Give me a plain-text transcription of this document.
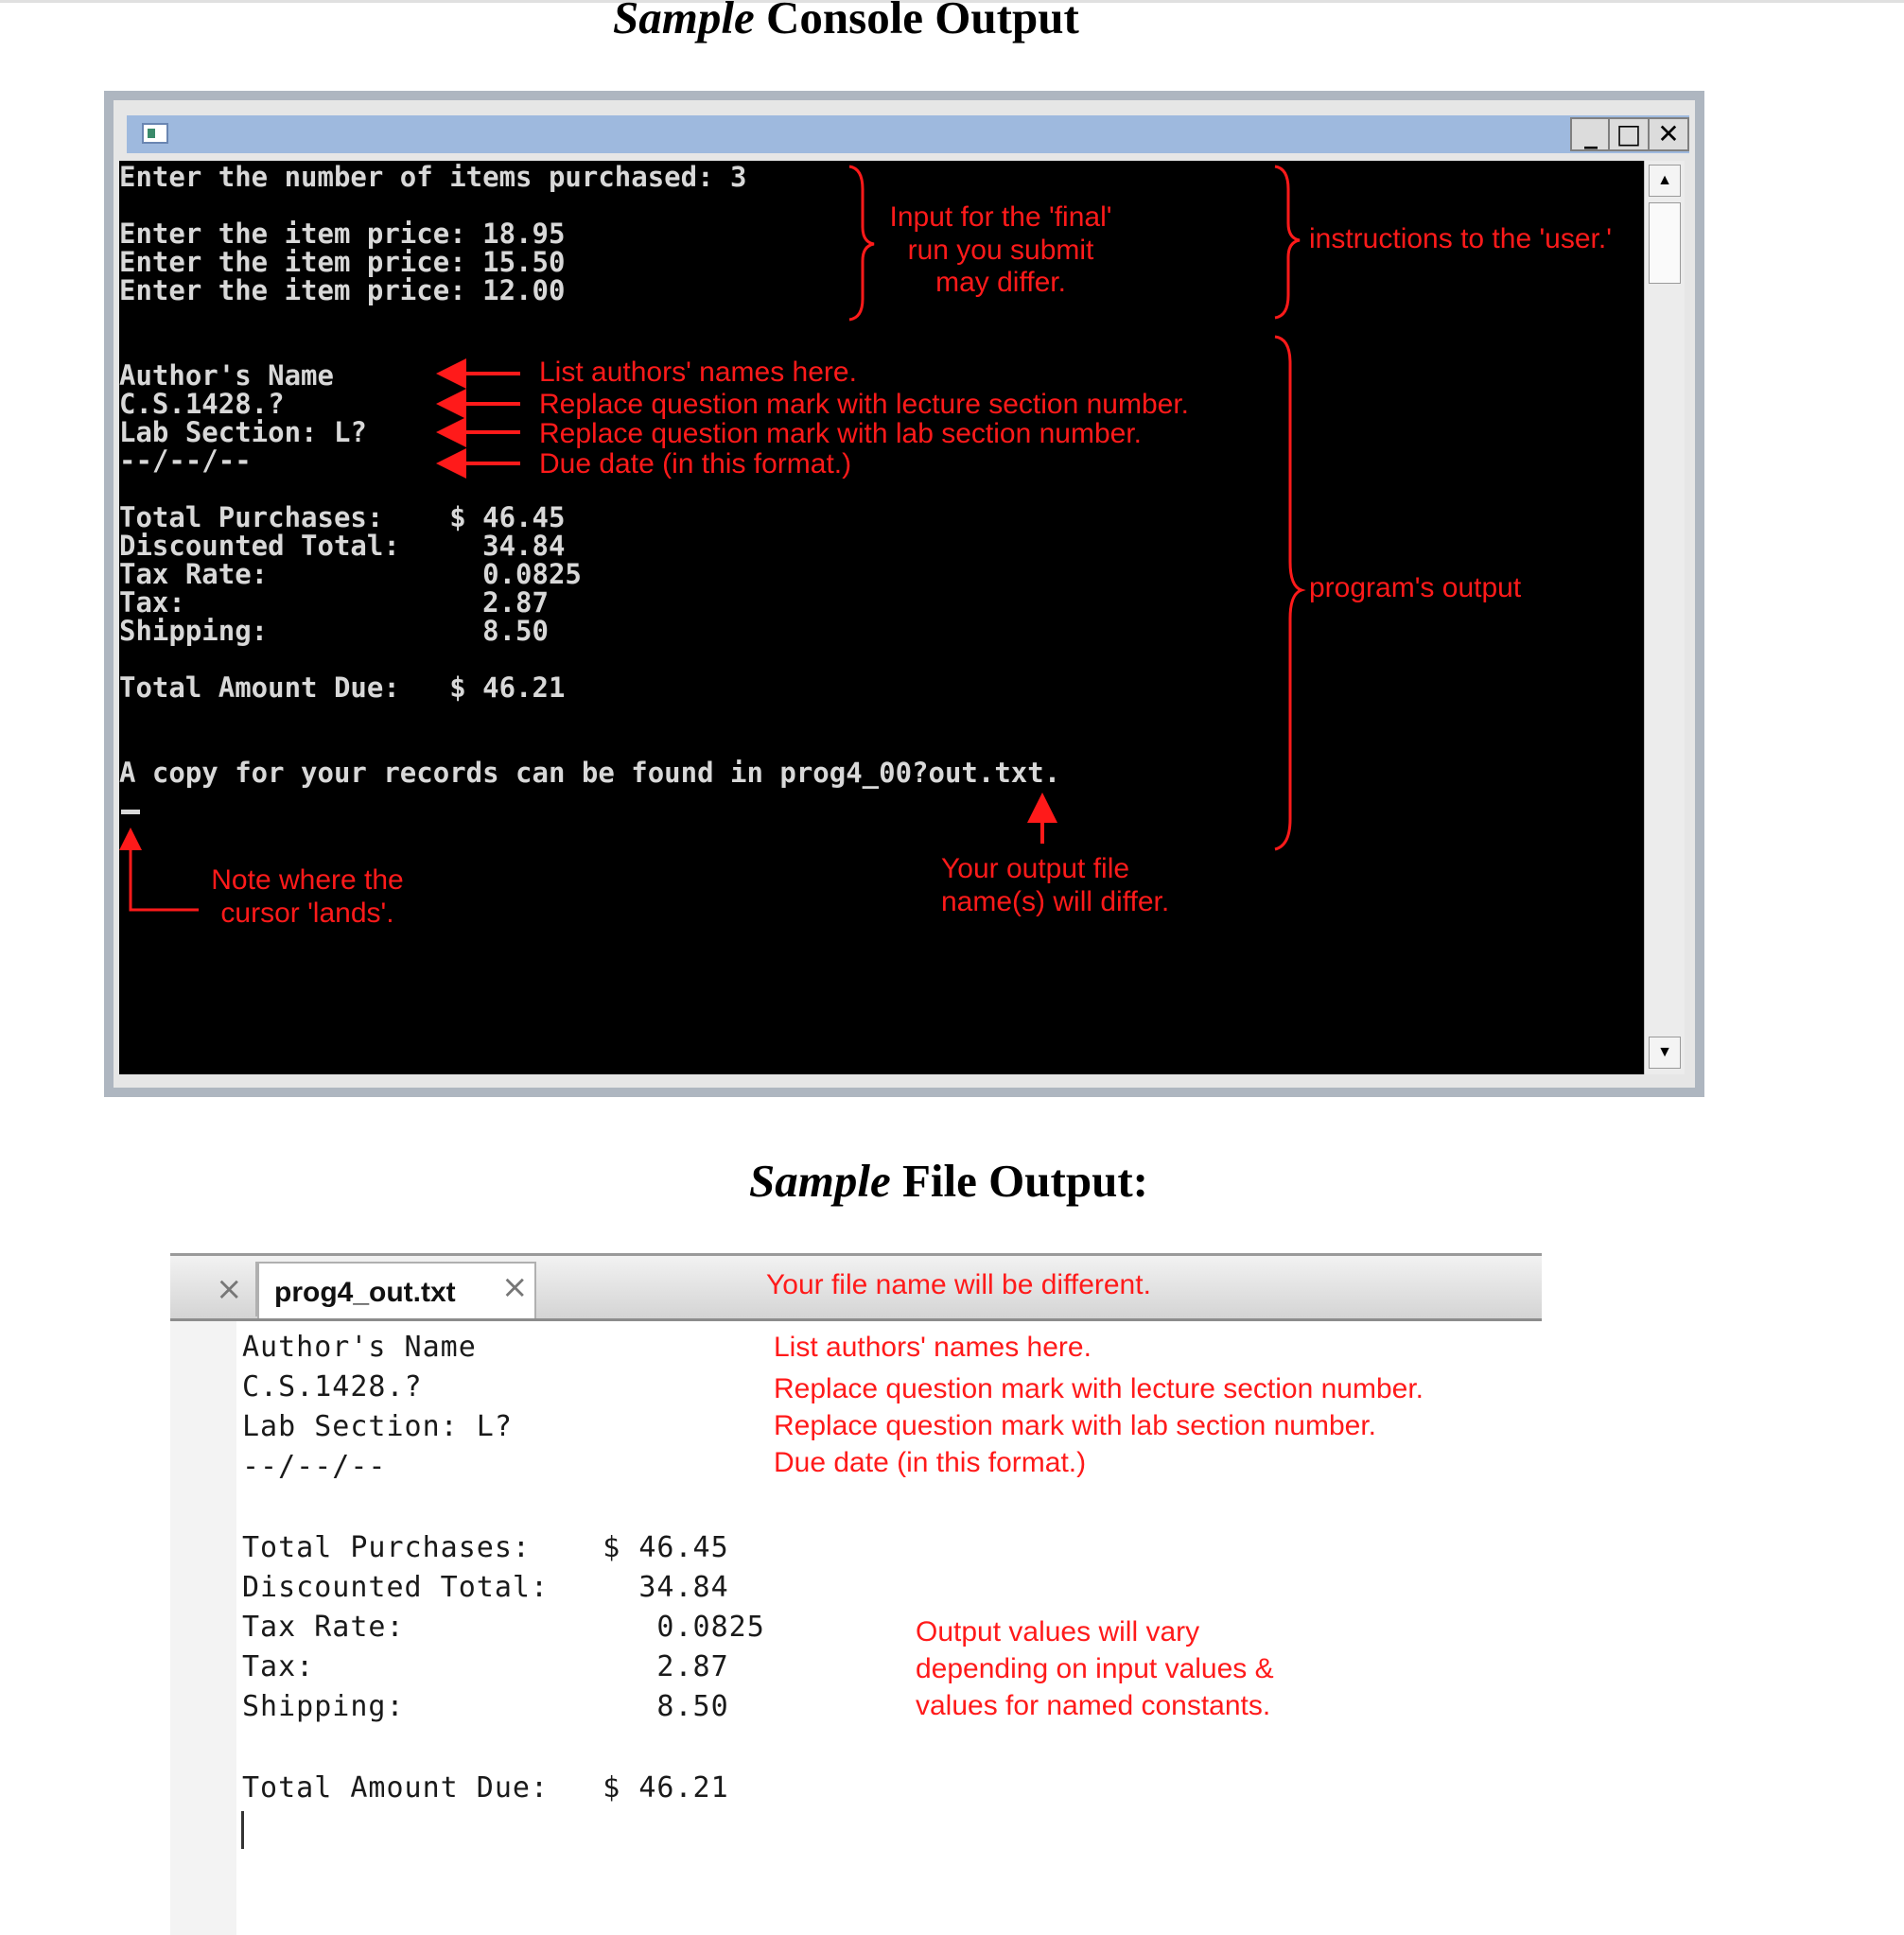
Sample Console Output
_ □ ✕
Enter the number of items purchased: 3
Enter the item price: 18.95
Enter the item price: 15.50
Enter the item price: 12.00
Author's Name
C.S.1428.?
Lab Section: L?
--/--/--
Total Purchases:    $ 46.45
Discounted Total:     34.84
Tax Rate:             0.0825
Tax:                  2.87
Shipping:             8.50
Total Amount Due:   $ 46.21
A copy for your records can be found in prog4_00?out.txt.
▲
▼
Input for the 'final'
run you submit
may differ.
instructions to the 'user.'
List authors' names here.
Replace question mark with lecture section number.
Replace question mark with lab section number.
Due date (in this format.)
program's output
Note where the
cursor 'lands'.
Your output file
name(s) will differ.
Sample File Output:
× prog4_out.txt ×
Author's Name
C.S.1428.?
Lab Section: L?
--/--/--
Total Purchases:    $ 46.45
Discounted Total:     34.84
Tax Rate:              0.0825
Tax:                   2.87
Shipping:              8.50
Total Amount Due:   $ 46.21
Your file name will be different.
List authors' names here.
Replace question mark with lecture section number.
Replace question mark with lab section number.
Due date (in this format.)
Output values will vary
depending on input values &
values for named constants.
